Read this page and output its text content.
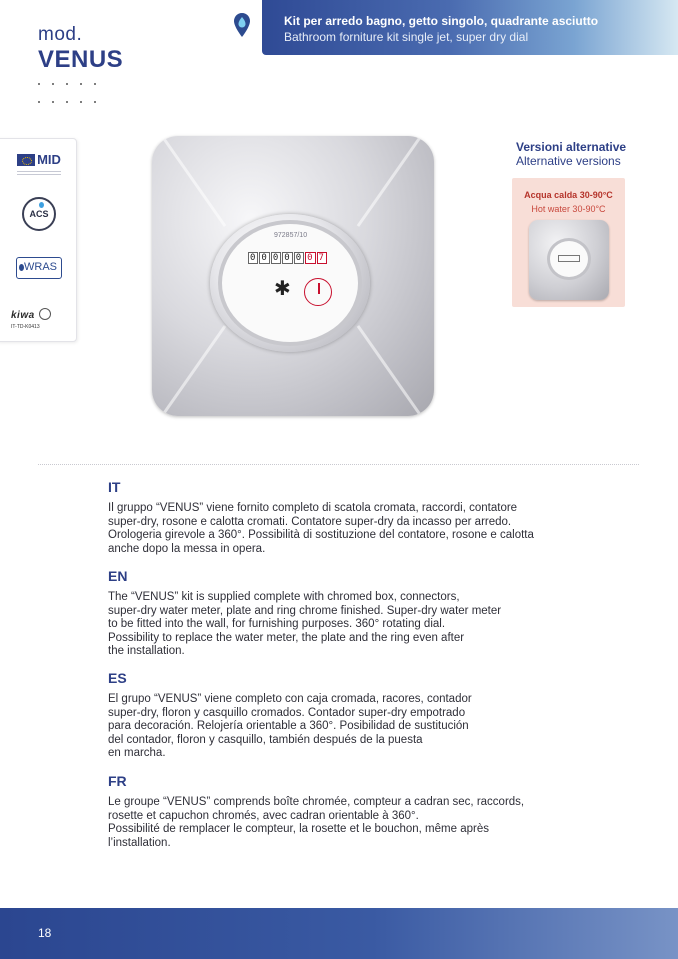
mod.
VENUS

Kit per arredo bagno, getto singolo, quadrante asciutto
Bathroom forniture kit single jet, super dry dial
MID
ACS
WRAS
kiwa
IT-TD-K0413
972857/10
0 0 0 0 0 0 7
✱
Versioni alternative
Alternative versions
Acqua calda 30-90°C
Hot water 30-90°C
IT
Il gruppo “VENUS” viene fornito completo di scatola cromata, raccordi, contatore
super-dry, rosone e calotta cromati. Contatore super-dry da incasso per arredo.
Orologeria girevole a 360°. Possibilità di sostituzione del contatore, rosone e calotta
anche dopo la messa in opera.
EN
The “VENUS” kit is supplied complete with chromed box, connectors,
super-dry water meter, plate and ring chrome finished. Super-dry water meter
to be fitted into the wall, for furnishing purposes. 360° rotating dial.
Possibility to replace the water meter, the plate and the ring even after
the installation.
ES
El grupo “VENUS” viene completo con caja cromada, racores, contador
super-dry, floron y casquillo cromados. Contador super-dry empotrado
para decoración. Relojería orientable a 360°. Posibilidad de sustitución
del contador, floron y casquillo, también después de la puesta
en marcha.
FR
Le groupe “VENUS” comprends boîte chromée, compteur a cadran sec, raccords,
rosette et capuchon chromés, avec cadran orientable à 360°.
Possibilité de remplacer le compteur, la rosette et le bouchon, même après
l’installation.
18
